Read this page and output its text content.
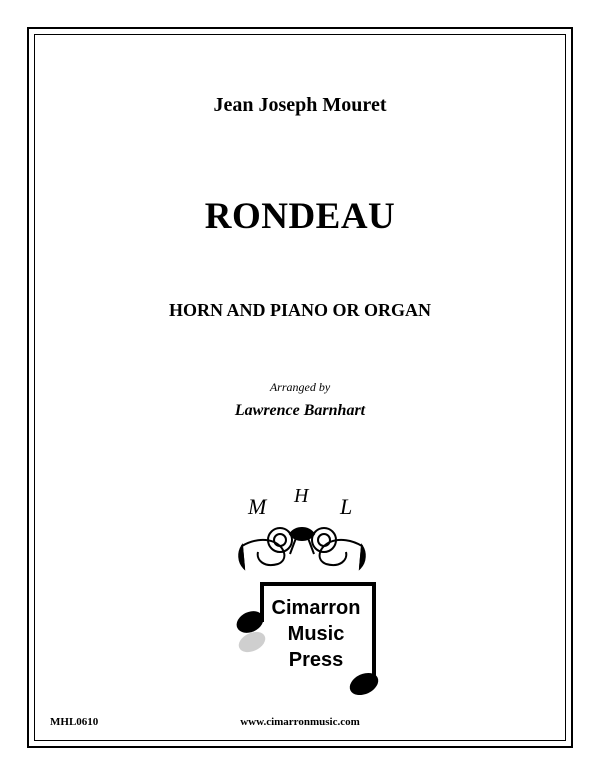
Jean Joseph Mouret
RONDEAU
HORN AND PIANO OR ORGAN
Arranged by
Lawrence Barnhart
M H L
Cimarron
Music
Press
MHL0610	www.cimarronmusic.com
